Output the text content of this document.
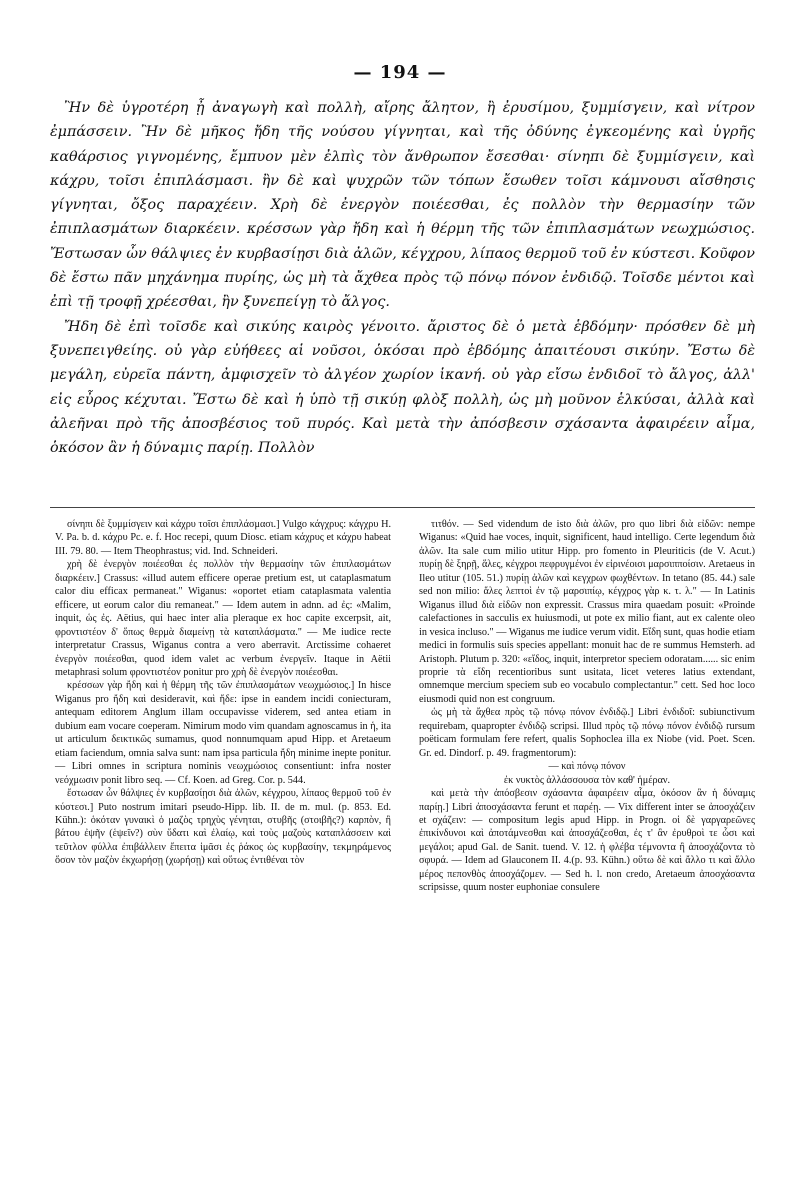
— 194 —

Ἢν δὲ ὑγροτέρη ᾖ ἀναγωγὴ καὶ πολλὴ, αἴρης ἄλητον, ἢ ἐρυσίμου, ξυμμίσγειν, καὶ νίτρον ἐμπάσσειν. Ἢν δὲ μῆκος ἤδη τῆς νούσου γίγνηται, καὶ τῆς ὀδύνης ἐγκεομένης καὶ ὑγρῆς καθάρσιος γιγνομένης, ἔμπυον μὲν ἐλπὶς τὸν ἄνθρωπον ἔσεσθαι· σίνηπι δὲ ξυμμίσγειν, καὶ κάχρυ, τοῖσι ἐπιπλάσμασι. ἢν δὲ καὶ ψυχρῶν τῶν τόπων ἔσωθεν τοῖσι κάμνουσι αἴσθησις γίγνηται, ὄξος παραχέειν. Χρὴ δὲ ἐνεργὸν ποιέεσθαι, ἐς πολλὸν τὴν θερμασίην τῶν ἐπιπλασμάτων διαρκέειν. κρέσσων γὰρ ἤδη καὶ ἡ θέρμη τῆς τῶν ἐπιπλασμάτων νεωχμώσιος. Ἔστωσαν ὧν θάλψιες ἐν κυρβασίῃσι διὰ ἀλῶν, κέγχρου, λίπαος θερμοῦ τοῦ ἐν κύστεσι. Κοῦφον δὲ ἔστω πᾶν μηχάνημα πυρίης, ὡς μὴ τὰ ἄχθεα πρὸς τῷ πόνῳ πόνον ἐνδιδῷ. Τοῖσδε μέντοι καὶ ἐπὶ τῇ τροφῇ χρέεσθαι, ἢν ξυνεπείγῃ τὸ ἄλγος.

Ἤδη δὲ ἐπὶ τοῖσδε καὶ σικύης καιρὸς γένοιτο. ἄριστος δὲ ὁ μετὰ ἑβδόμην· πρόσθεν δὲ μὴ ξυνεπειγθείης. οὐ γὰρ εὐήθεες αἱ νοῦσοι, ὁκόσαι πρὸ ἑβδόμης ἀπαιτέουσι σικύην. Ἔστω δὲ μεγάλη, εὐρεῖα πάντη, ἀμφισχεῖν τὸ ἀλγέον χωρίον ἱκανή. οὐ γὰρ εἴσω ἐνδιδοῖ τὸ ἄλγος, ἀλλ' εἰς εὖρος κέχυται. Ἔστω δὲ καὶ ἡ ὑπὸ τῇ σικύῃ φλὸξ πολλὴ, ὡς μὴ μοῦνον ἑλκύσαι, ἀλλὰ καὶ ἀλεῆναι πρὸ τῆς ἀποσβέσιος τοῦ πυρός. Καὶ μετὰ τὴν ἀπόσβεσιν σχάσαντα ἀφαιρέειν αἷμα, ὁκόσον ἂν ἡ δύναμις παρίῃ. Πολλὸν

σίνηπι δὲ ξυμμίσγειν καὶ κάχρυ τοῖσι ἐπιπλάσμασι.] Vulgo κάγχρυς: κάγχρυ H. V. Pa. b. d. κάχρυ Pc. e. f. Hoc recepi, quum Diosc. etiam κάχρυς et κάχρυ habeat III. 79. 80. — Item Theophrastus; vid. Ind. Schneideri.

χρὴ δὲ ἐνεργὸν ποιέεσθαι ἐς πολλὸν τὴν θερμασίην τῶν ἐπιπλασμάτων διαρκέειν.] Crassus: «illud autem efficere operae pretium est, ut cataplasmatum calor diu efficax permaneat." Wiganus: «oportet etiam cataplasmata valentia efficere, ut eorum calor diu remaneat." — Idem autem in adnn. ad ἐς: «Malim, inquit, ὡς ἐς. Aëtius, qui haec inter alia pleraque ex hoc capite excerpsit, ait, φροντιστέον δ' ὅπως θερμὰ διαμείνῃ τὰ καταπλάσματα." — Me iudice recte interpretatur Crassus, Wiganus contra a vero aberravit. Arctissime cohaeret ἐνεργὸν ποιέεσθαι, quod idem valet ac verbum ἐνεργεῖν. Itaque in Aëtii metaphrasi solum φροντιστέον ponitur pro χρὴ δὲ ἐνεργὸν ποιέεσθαι.

κρέσσων γὰρ ἤδη καὶ ἡ θέρμη τῆς τῶν ἐπιπλασμάτων νεωχμώσιος.] In hisce Wiganus pro ἤδη καὶ desideravit, καὶ ἤδε: ipse in eandem incidi coniecturam, antequam editorem Anglum illam occupavisse viderem, sed antea etiam in dubium eam vocare coeperam. Nimirum modo vim quandam agnoscamus in ἡ, ita ut articulum δεικτικῶς sumamus, quod nonnumquam apud Hipp. et Aretaeum etiam faciendum, omnia salva sunt: nam ipsa particula ἤδη minime inepte ponitur. — Libri omnes in scriptura nominis νεωχμώσιος consentiunt: infra noster νεόχμωσιν ponit libro seq. — Cf. Koen. ad Greg. Cor. p. 544.

ἔστωσαν ὧν θάλψιες ἐν κυρβασίῃσι διὰ ἀλῶν, κέγχρου, λίπαος θερμοῦ τοῦ ἐν κύστεσι.] Puto nostrum imitari pseudo-Hipp. lib. II. de m. mul. (p. 853. Ed. Kühn.): ὁκόταν γυναικὶ ὁ μαζὸς τρηχὺς γένηται, στυβῆς (στοιβῆς?) καρπὸν, ἢ βάτου ἐψῆν (ἑψεῖν?) σὺν ὕδατι καὶ ἐλαίῳ, καὶ τοὺς μαζοὺς καταπλάσσειν καὶ τεῦτλον φύλλα ἐπιβάλλειν ἔπειτα ἱμᾶσι ἐς ῥάκος ὡς κυρβασίην, τεκμηράμενος ὅσον τὸν μαζὸν ἐκχωρήσῃ (χωρήσῃ) καὶ οὕτως ἐντιθέναι τὸν

τιτθόν. — Sed videndum de isto διὰ ἀλῶν, pro quo libri διὰ εἰδῶν: nempe Wiganus: «Quid hae voces, inquit, significent, haud intelligo. Certe legendum διὰ ἀλῶν. Ita sale cum milio utitur Hipp. pro fomento in Pleuriticis (de V. Acut.) πυρίῃ δὲ ξηρῇ, ἅλες, κέγχροι πεφρυγμένοι ἐν εἰρινέοισι μαρσιπποίσιν. Aretaeus in Ileo utitur (105. 51.) πυρίῃ ἀλῶν καὶ κεγχρων φωχθέντων. In tetano (85. 44.) sale sed non milio: ἅλες λεπτοὶ ἐν τῷ μαρσιπίῳ, κέγχρος γὰρ κ. τ. λ." — In Latinis Wiganus illud διὰ εἰδῶν non expressit. Crassus mira quaedam posuit: «Proinde calefactiones in sacculis ex huiusmodi, ut pote ex milio fiant, aut ex calente oleo in vesica incluso." — Wiganus me iudice verum vidit. Εἴδη sunt, quas hodie etiam medici in formulis suis species appellant: monuit hac de re summus Hemsterh. ad Aristoph. Plutum p. 320: «εἴδος, inquit, interpretor speciem odoratam...... sic enim proprie τὰ εἴδη recentioribus sunt usitata, licet veteres latius extendant, omnemque mercium speciem sub eo vocabulo complectantur." cett. Sed hoc loco eiusmodi quid non est congruum.

ὡς μὴ τὰ ἄχθεα πρὸς τῷ πόνῳ πόνον ἐνδιδῷ.] Libri ἐνδιδοῖ: subiunctivum requirebam, quapropter ἐνδιδῷ scripsi. Illud πρὸς τῷ πόνῳ πόνον ἐνδιδῷ rursum poëticam formulam fere refert, qualis Sophoclea illa ex Niobe (vid. Poet. Scen. Gr. ed. Dindorf. p. 49. fragmentorum):

— καὶ πόνῳ πόνον

ἐκ νυκτὸς ἀλλάσσουσα τὸν καθ' ἡμέραν.

καὶ μετὰ τὴν ἀπόσβεσιν σχάσαντα ἀφαιρέειν αἷμα, ὁκόσον ἂν ἡ δύναμις παρίῃ.] Libri ἀποσχάσαντα ferunt et παρέῃ. — Vix different inter se ἀποσχάζειν et σχάζειν: — compositum legis apud Hipp. in Progn. οἱ δὲ γαργαρεῶνες ἐπικίνδυνοι καὶ ἀποτάμνεσθαι καὶ ἀποσχάζεσθαι, ἐς τ' ἂν ἐρυθροὶ τε ὦσι καὶ μεγάλοι; apud Gal. de Sanit. tuend. V. 12. ἡ φλέβα τέμνοντα ἢ ἀποσχάζοντα τὸ σφυρά. — Idem ad Glauconem II. 4.(p. 93. Kühn.) οὕτω δὲ καὶ ἄλλο τι καὶ ἄλλο μέρος πεπονθὸς ἀποσχάζομεν. — Sed h. l. non credo, Aretaeum ἀποσχάσαντα scripsisse, quum noster euphoniae consulere
